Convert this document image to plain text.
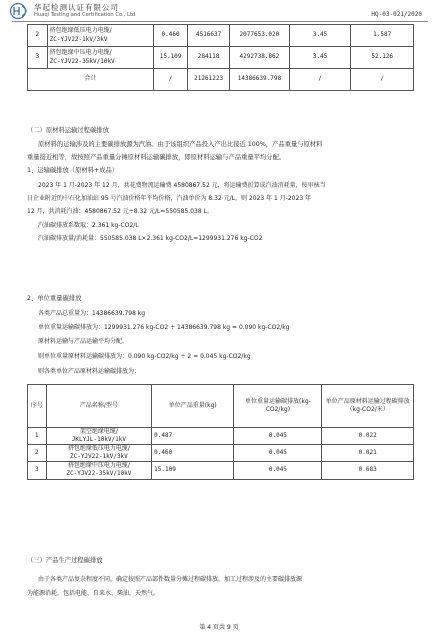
华起检测认证有限公司
Huaqi Testing and Certification Co., Ltd	HQ-03-021/2020
2	挤包绝缘低压电力电缆/
ZC-YJV22-1kV/3kV	0.460	4516637	2077653.020	3.45	1.587
3	挤包绝缘中压电力电缆/
ZC-YJV22-35kV/10kV	15.109	284118	4292738.862	3.45	52.126
合计		/	21261223	14386639.798	/	/
（二）原材料运输过程碳排放
原材料的运输涉及的主要碳排放源为汽油。由于该组织产品投入产出比接近 100%，产品重量与原材料
重量接近相等，故按照产品重量分摊原材料运输碳排放，即原材料运输与产品重量平均分配。
1、运输碳排放（原材料+成品）
2023 年 1 月-2023 年 12 月，共花费物流运输费 4580867.52 元，将运输费折算成汽油消耗量，按审核当
日企业附近的中石化加油站 95 号汽油价格年平均价格，汽油单价为 8.32 元/L，则 2023 年 1 月-2023 年
12 月，共消耗汽油：4580867.52 元÷8.32 元/L=550585.038 L。
汽油碳排放系数取：2.361 kg-CO2/L
汽油碳排放量/消耗量：550585.038 L×2.361 kg-CO2/L=1299931.276 kg-CO2
2、单位重量碳排放
各类产品总重量为：14386639.798 kg
单位重量运输碳排放为：1299931.276 kg-CO2 ÷ 14386639.798 kg = 0.090 kg-CO2/kg
原材料运输与产品运输平均分配。
则单位重量原材料运输碳排放为：0.090 kg-CO2/kg ÷ 2 = 0.045 kg-CO2/kg
则各类单位产品原材料运输碳排放为：
序号	产品名称/型号	单位产品重量(kg)	单位重量运输碳排放(kg-CO2/kg)	单位产品原材料运输过程碳排放（kg-CO2/米）
1	架空绝缘电缆/
JKLYJL-10kV/1kV	0.487	0.045	0.022
2	挤包绝缘低压电力电缆/
ZC-YJV22-1kV/3kV	0.460	0.045	0.021
3	挤包绝缘中压电力电缆/
ZC-YJV22-35kV/10kV	15.109	0.045	0.683
（三）产品生产过程碳排放
由于各类产品复杂程度不同，确定按照产品部件数量分摊过程碳排放。加工过程涉及的主要碳排放源
为能源消耗，包括电能、自来水、柴油，天然气。
第 4 页共 9 页
